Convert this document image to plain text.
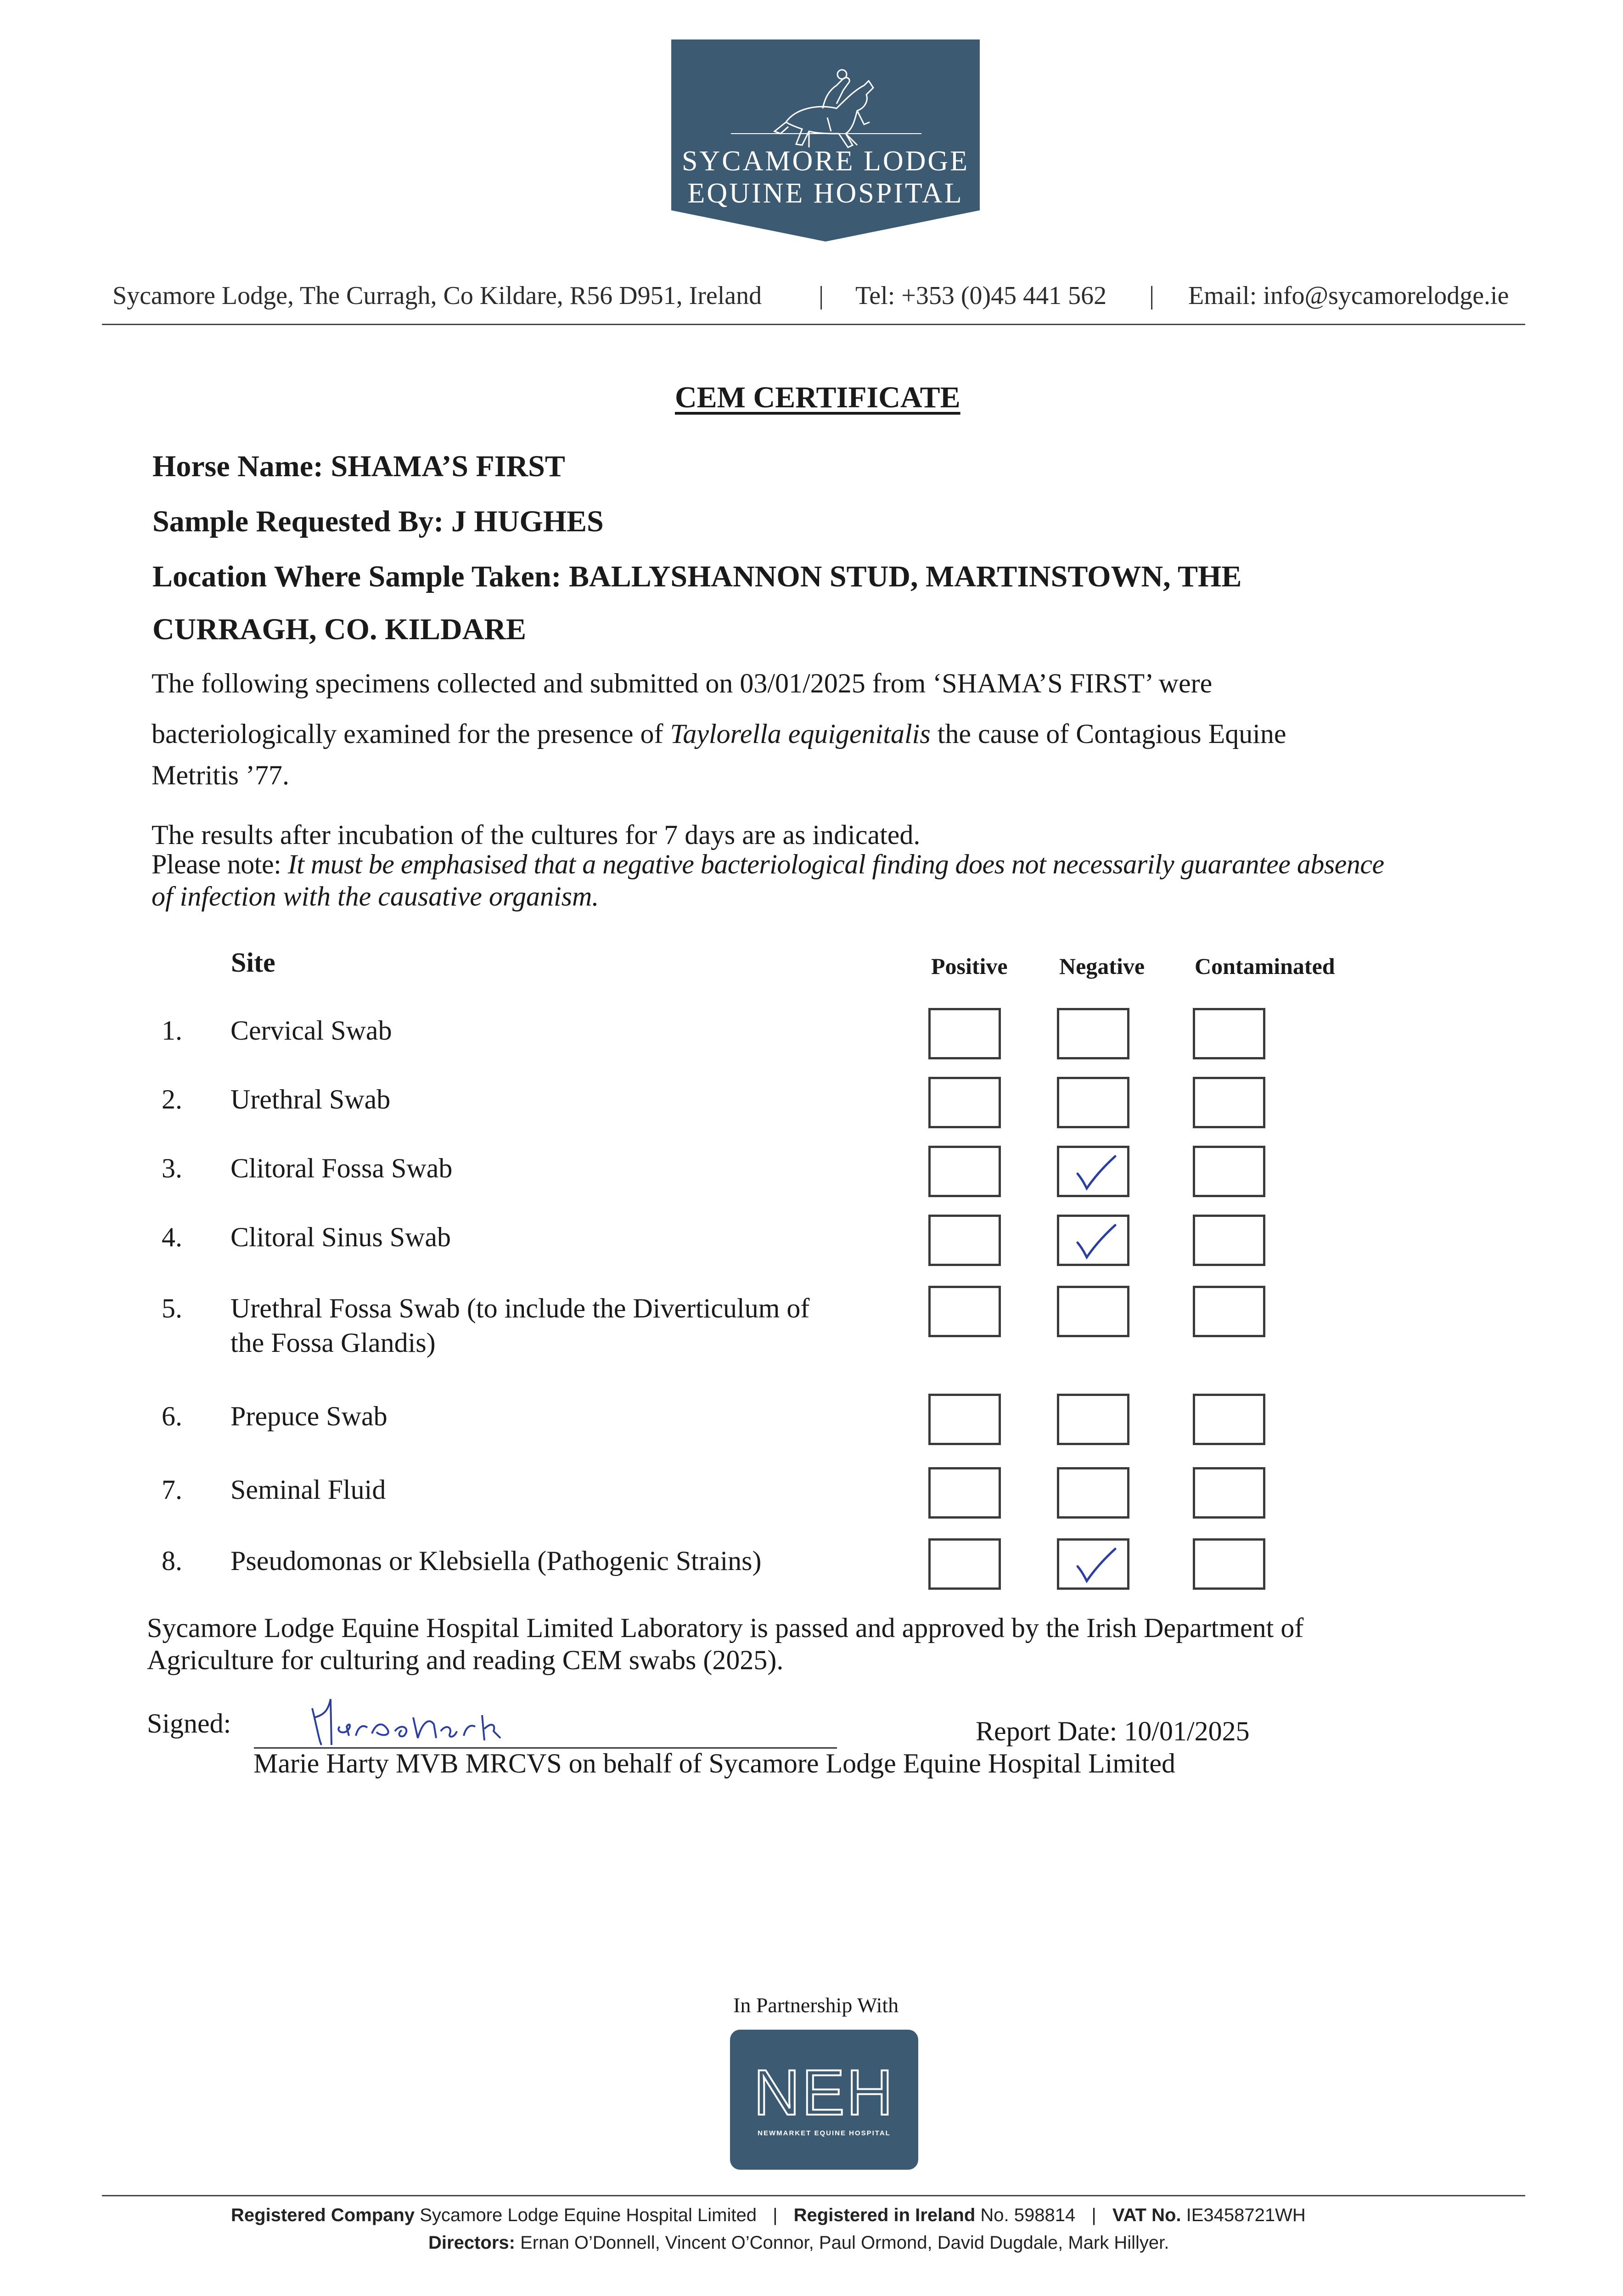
SYCAMORE LODGE
EQUINE HOSPITAL
Sycamore Lodge, The Curragh, Co Kildare, R56 D951, Ireland | Tel: +353 (0)45 441 562 | Email: info@sycamorelodge.ie
CEM CERTIFICATE
Horse Name: SHAMA’S FIRST
Sample Requested By: J HUGHES
Location Where Sample Taken: BALLYSHANNON STUD, MARTINSTOWN, THE
CURRAGH, CO. KILDARE
The following specimens collected and submitted on 03/01/2025 from ‘SHAMA’S FIRST’ were
bacteriologically examined for the presence of Taylorella equigenitalis the cause of Contagious Equine
Metritis ’77.
The results after incubation of the cultures for 7 days are as indicated.
Please note: It must be emphasised that a negative bacteriological finding does not necessarily guarantee absence
of infection with the causative organism.
Site	Positive Negative Contaminated
1. Cervical Swab
2. Urethral Swab
3. Clitoral Fossa Swab
4. Clitoral Sinus Swab
5. Urethral Fossa Swab (to include the Diverticulum of
the Fossa Glandis)
6. Prepuce Swab
7. Seminal Fluid
8. Pseudomonas or Klebsiella (Pathogenic Strains)
Sycamore Lodge Equine Hospital Limited Laboratory is passed and approved by the Irish Department of
Agriculture for culturing and reading CEM swabs (2025).
Signed:	Report Date: 10/01/2025
Marie Harty MVB MRCVS on behalf of Sycamore Lodge Equine Hospital Limited
In Partnership With
NEH
NEWMARKET EQUINE HOSPITAL
Registered Company Sycamore Lodge Equine Hospital Limited | Registered in Ireland No. 598814 | VAT No. IE3458721WH
Directors: Ernan O’Donnell, Vincent O’Connor, Paul Ormond, David Dugdale, Mark Hillyer.
